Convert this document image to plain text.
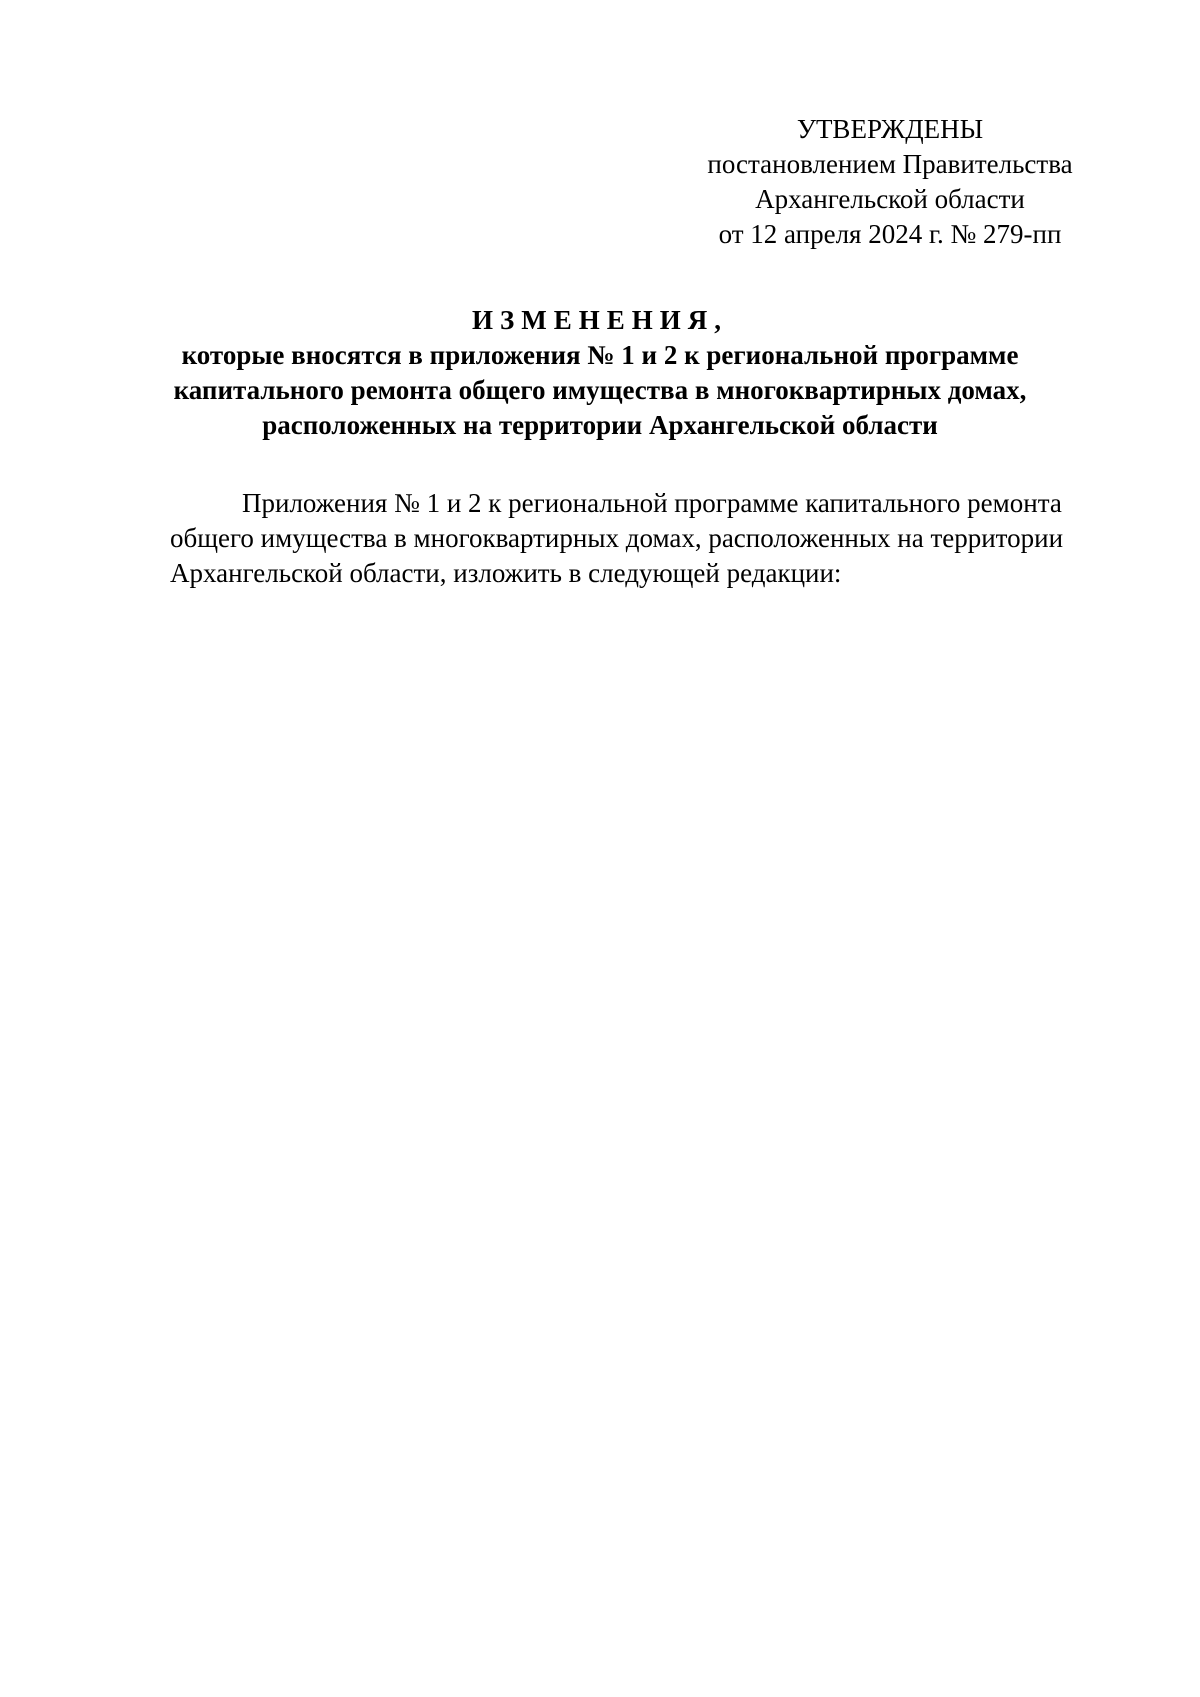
УТВЕРЖДЕНЫ
постановлением Правительства
Архангельской области
от 12 апреля 2024 г. № 279-пп
ИЗМЕНЕНИЯ,
которые вносятся в приложения № 1 и 2 к региональной программе
капитального ремонта общего имущества в многоквартирных домах,
расположенных на территории Архангельской области
Приложения № 1 и 2 к региональной программе капитального ремонта
общего имущества в многоквартирных домах, расположенных на территории
Архангельской области, изложить в следующей редакции:
